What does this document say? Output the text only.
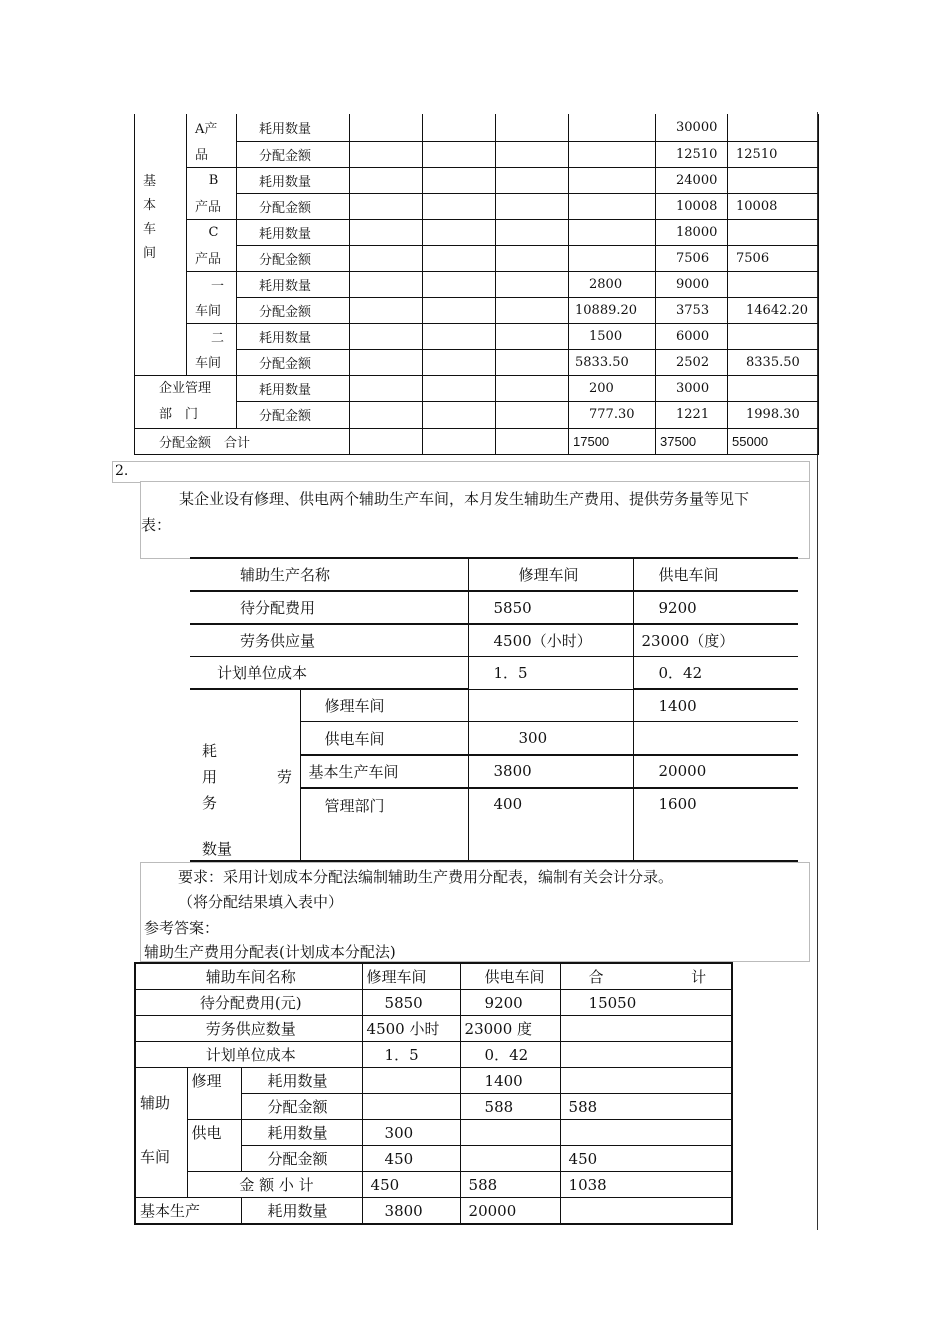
基
本
车
间	A产	耗用数量					30000	
	品	分配金额					12510	12510
	B	耗用数量					24000	
	产品	分配金额					10008	10008
	C	耗用数量					18000	
	产品	分配金额					7506	7506
	一	耗用数量				2800	9000	
	车间	分配金额				10889.20	3753	14642.20
	二	耗用数量				1500	6000	
	车间	分配金额				5833.50	2502	8335.50

企业管理
部　门		耗用数量				200	3000	
		分配金额				777.30	1221	1998.30
分配金额　合计						17500	37500	55000
2.
某企业设有修理、供电两个辅助生产车间，本月发生辅助生产费用、提供劳务量等见下
表：
辅助生产名称		修理车间	供电车间
待分配费用		5850	9200
劳务供应量		4500（小时）	23000（度）
计划单位成本		1．5	0．42

耗
用 劳
务
数量	修理车间		1400
	供电车间	300	
	基本生产车间	3800	20000
	管理部门	400	1600
要求：采用计划成本分配法编制辅助生产费用分配表，编制有关会计分录。
（将分配结果填入表中）
参考答案：
辅助生产费用分配表(计划成本分配法)
辅助车间名称			修理车间	供电车间	合 计
待分配费用(元)			5850	9200	15050
劳务供应数量			4500 小时	23000 度	
计划单位成本			1．5	0．42	

辅助
车间	修理	耗用数量		1400	
		分配金额		588	588
	供电	耗用数量	300		
		分配金额	450		450
	金 额 小 计		450	588	1038
基本生产		耗用数量	3800	20000	
